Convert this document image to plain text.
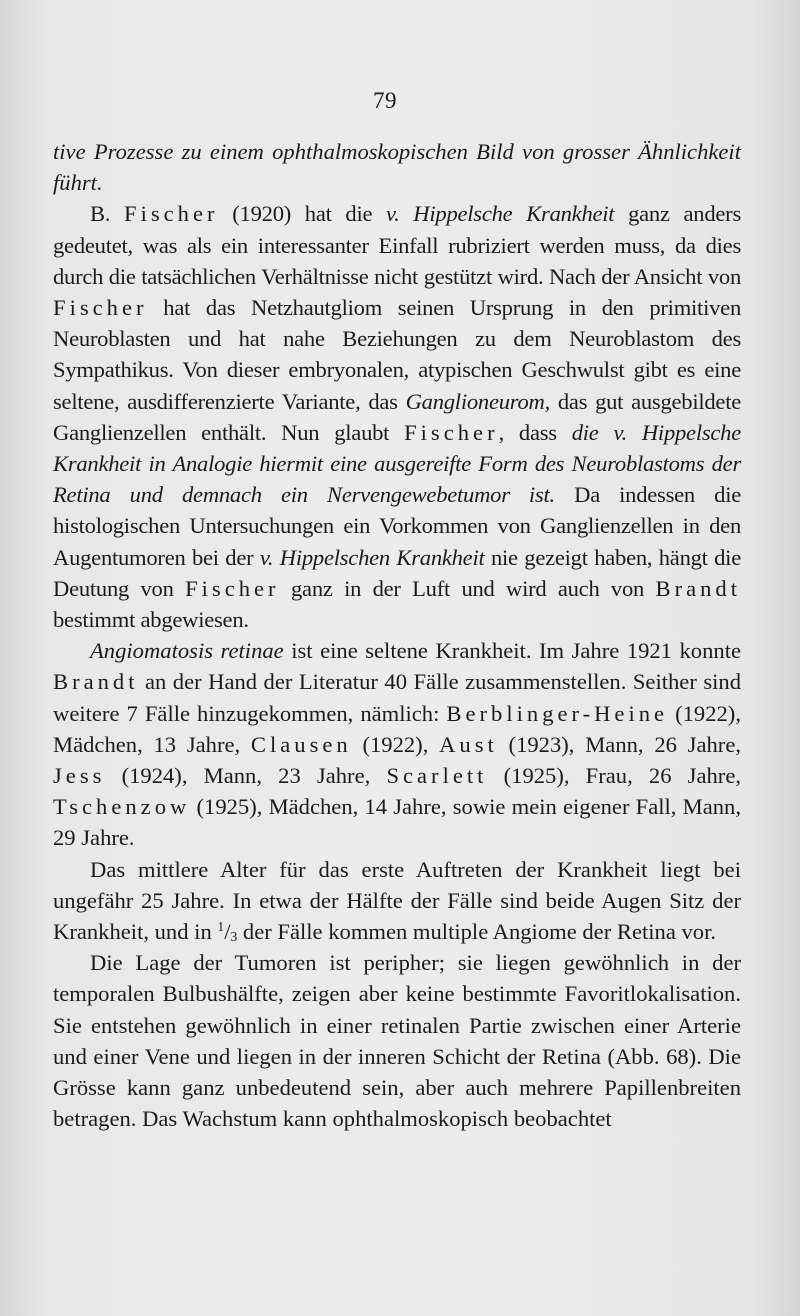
79

tive Prozesse zu einem ophthalmoskopischen Bild von grosser Ähnlichkeit führt.

B. Fischer (1920) hat die v. Hippelsche Krankheit ganz anders gedeutet, was als ein interessanter Einfall rubriziert werden muss, da dies durch die tatsächlichen Verhältnisse nicht gestützt wird. Nach der Ansicht von Fischer hat das Netzhautgliom seinen Ursprung in den primitiven Neuroblasten und hat nahe Beziehungen zu dem Neuroblastom des Sympathikus. Von dieser embryonalen, atypischen Geschwulst gibt es eine seltene, ausdifferenzierte Variante, das Ganglioneurom, das gut ausgebildete Ganglienzellen enthält. Nun glaubt Fischer, dass die v. Hippelsche Krankheit in Analogie hiermit eine ausgereifte Form des Neuroblastoms der Retina und demnach ein Nervengewebetumor ist. Da indessen die histologischen Untersuchungen ein Vorkommen von Ganglienzellen in den Augentumoren bei der v. Hippelschen Krankheit nie gezeigt haben, hängt die Deutung von Fischer ganz in der Luft und wird auch von Brandt bestimmt abgewiesen.

Angiomatosis retinae ist eine seltene Krankheit. Im Jahre 1921 konnte Brandt an der Hand der Literatur 40 Fälle zusammenstellen. Seither sind weitere 7 Fälle hinzugekommen, nämlich: Berblinger-Heine (1922), Mädchen, 13 Jahre, Clausen (1922), Aust (1923), Mann, 26 Jahre, Jess (1924), Mann, 23 Jahre, Scarlett (1925), Frau, 26 Jahre, Tschenzow (1925), Mädchen, 14 Jahre, sowie mein eigener Fall, Mann, 29 Jahre.

Das mittlere Alter für das erste Auftreten der Krankheit liegt bei ungefähr 25 Jahre. In etwa der Hälfte der Fälle sind beide Augen Sitz der Krankheit, und in $^1/_3$ der Fälle kommen multiple Angiome der Retina vor.

Die Lage der Tumoren ist peripher; sie liegen gewöhnlich in der temporalen Bulbushälfte, zeigen aber keine bestimmte Favoritlokalisation. Sie entstehen gewöhnlich in einer retinalen Partie zwischen einer Arterie und einer Vene und liegen in der inneren Schicht der Retina (Abb. 68). Die Grösse kann ganz unbedeutend sein, aber auch mehrere Papillenbreiten betragen. Das Wachstum kann ophthalmoskopisch beobachtet
